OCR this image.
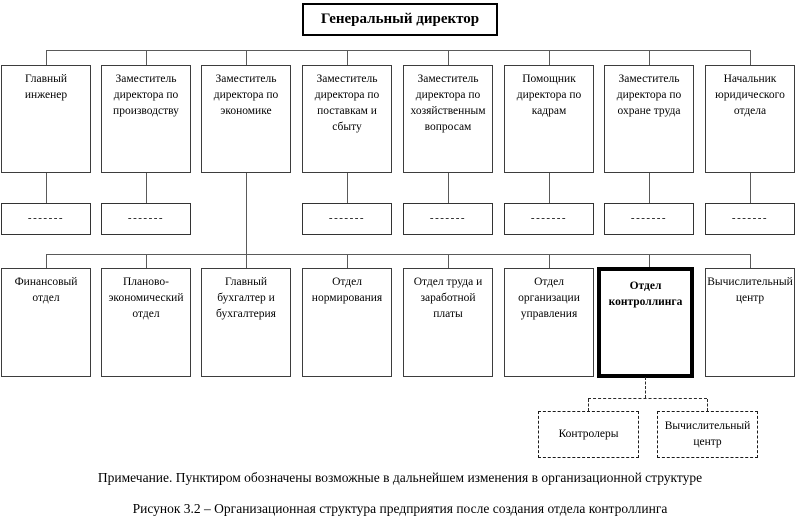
Генеральный директор
Главный инженер
Заместитель директора по производству
Заместитель директора по экономике
Заместитель директора по поставкам и сбыту
Заместитель директора по хозяйственным вопросам
Помощник директора по кадрам
Заместитель директора по охране труда
Начальник юридического отдела
-------	-------	-------	-------	-------	-------	-------
Финансовый отдел
Планово-экономический отдел
Главный бухгалтер и бухгалтерия
Отдел нормирования
Отдел труда и заработной платы
Отдел организации управления
Отдел контроллинга
Вычислительный центр
Контролеры
Вычислительный центр
Примечание. Пунктиром обозначены возможные в дальнейшем изменения в организационной структуре
Рисунок 3.2 – Организационная структура предприятия после создания отдела контроллинга
